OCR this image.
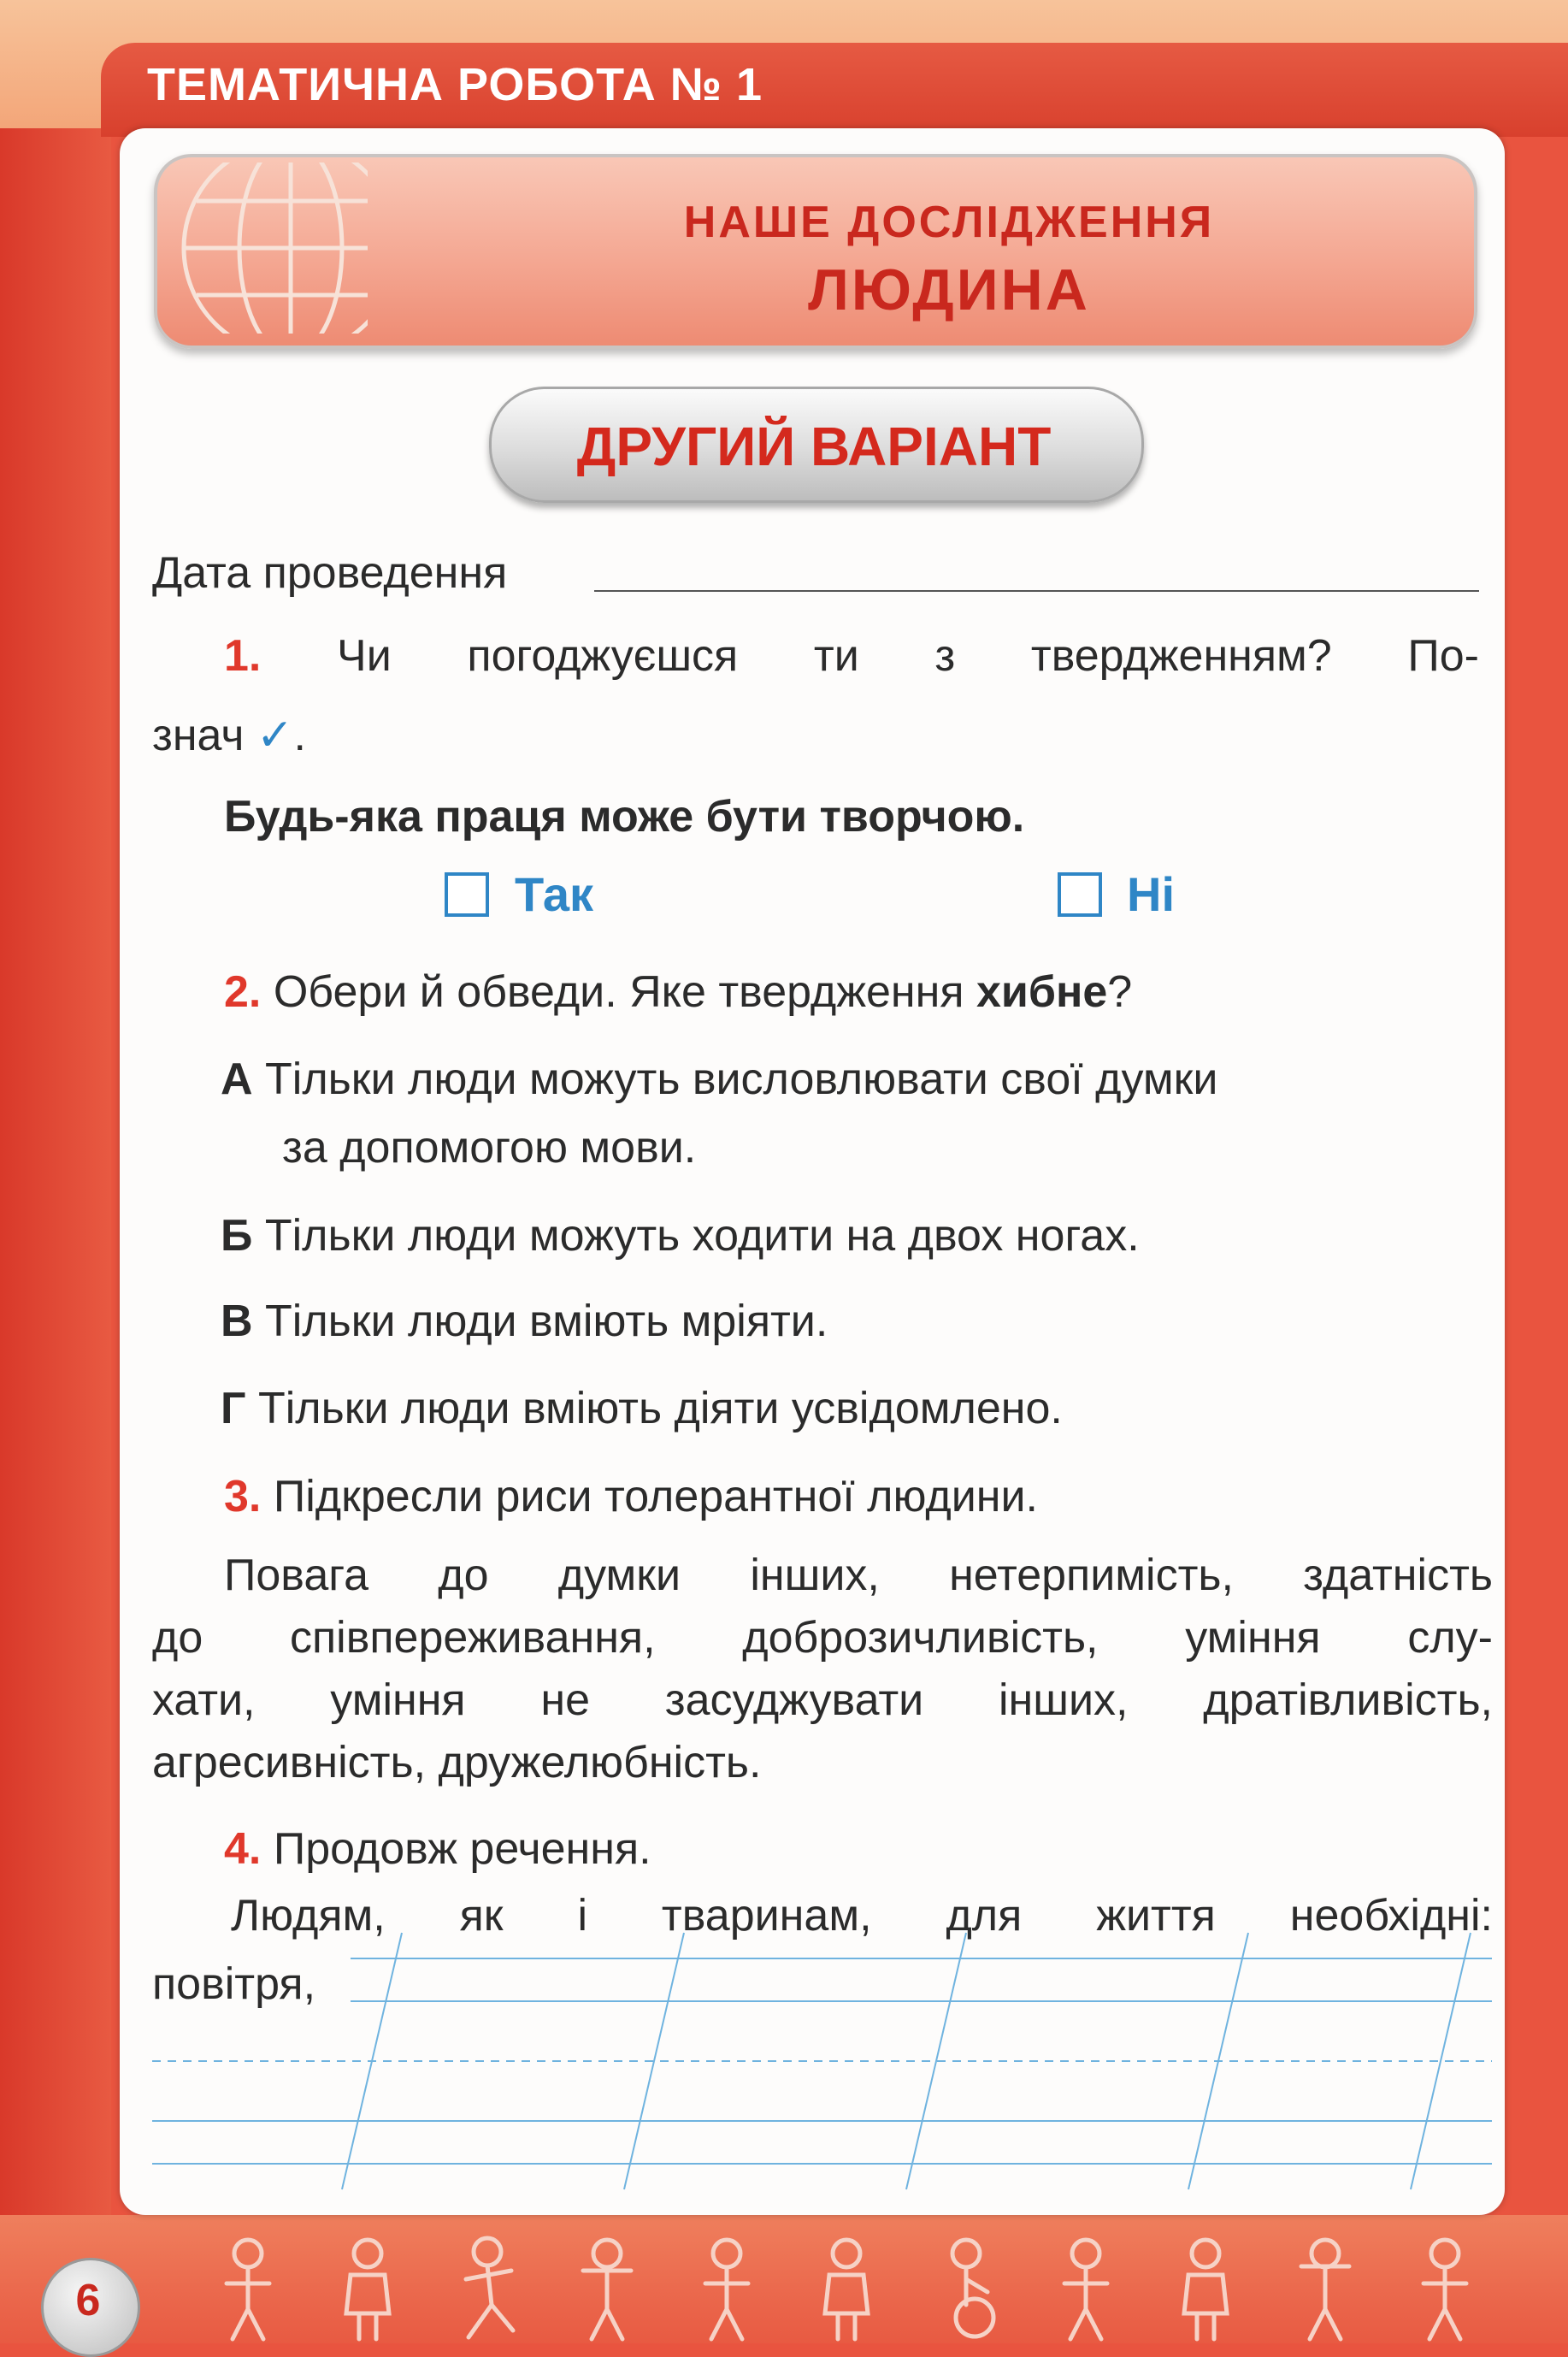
ТЕМАТИЧНА РОБОТА № 1
НАШЕ ДОСЛІДЖЕННЯ
ЛЮДИНА
ДРУГИЙ ВАРІАНТ
Дата проведення
1. Чи погоджуєшся ти з твердженням? По-
знач ✓.
Будь-яка праця може бути творчою.
Так	Ні
2. Обери й обведи. Яке твердження хибне?
А Тільки люди можуть висловлювати свої думки
за допомогою мови.
Б Тільки люди можуть ходити на двох ногах.
В Тільки люди вміють мріяти.
Г Тільки люди вміють діяти усвідомлено.
3. Підкресли риси толерантної людини.
Повага до думки інших, нетерпимість, здатність
до співпереживання, доброзичливість, уміння слу-
хати, уміння не засуджувати інших, дратівливість,
агресивність, дружелюбність.
4. Продовж речення.
Людям, як і тваринам, для життя необхідні:
повітря,
6
